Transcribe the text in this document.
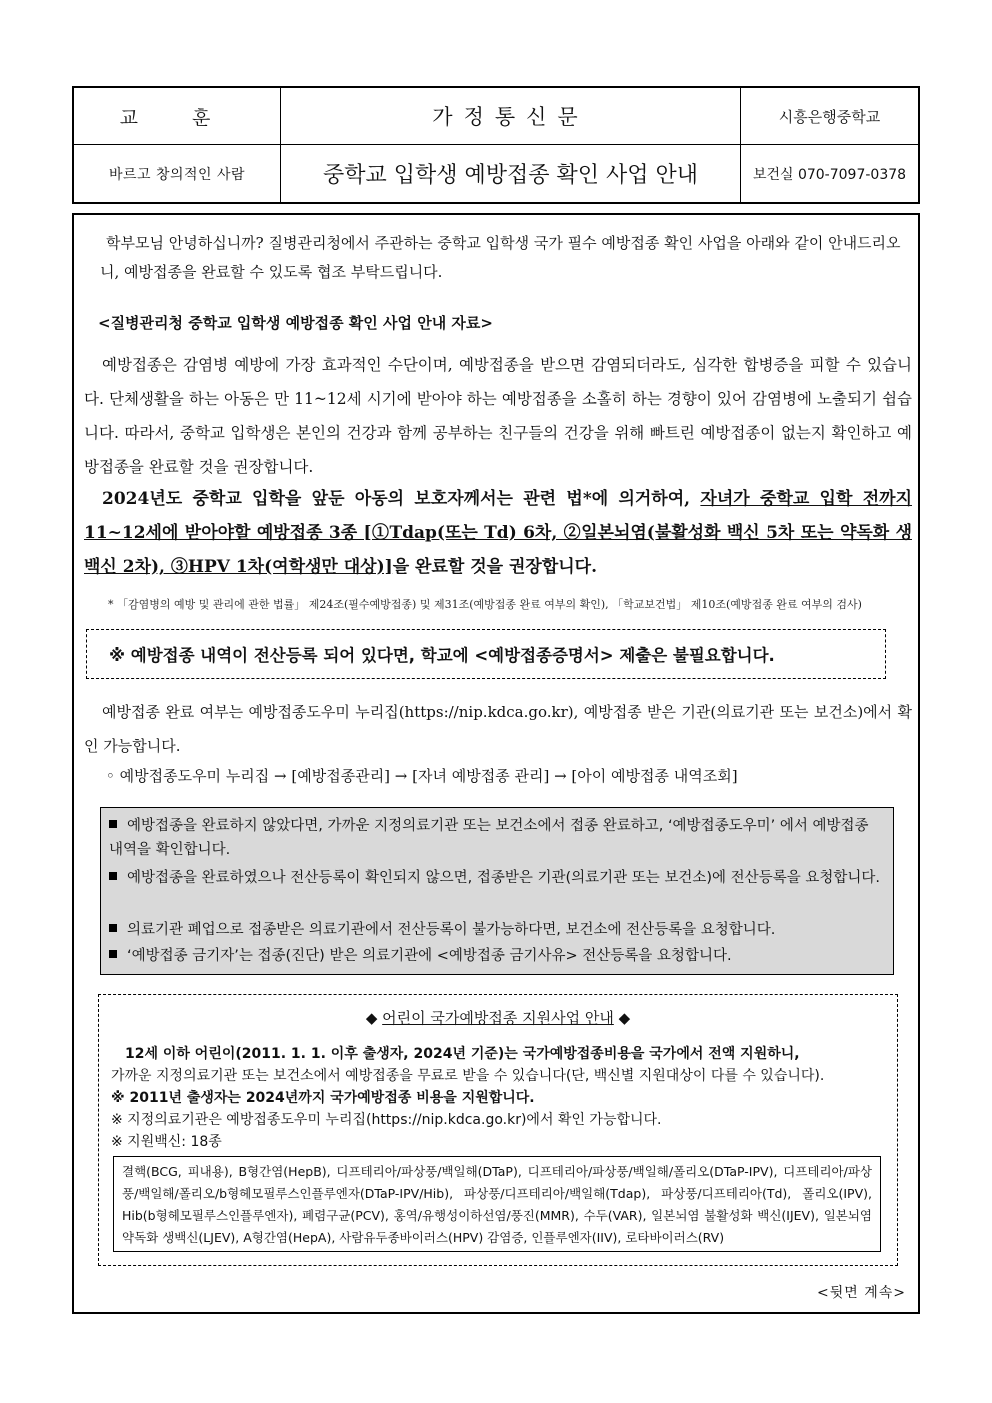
교 훈	가정통신문	시흥은행중학교
바르고 창의적인 사람	중학교 입학생 예방접종 확인 사업 안내	보건실 070-7097-0378

학부모님 안녕하십니까? 질병관리청에서 주관하는 중학교 입학생 국가 필수 예방접종 확인 사업을 아래와 같이 안내드리오니, 예방접종을 완료할 수 있도록 협조 부탁드립니다.

<질병관리청 중학교 입학생 예방접종 확인 사업 안내 자료>

예방접종은 감염병 예방에 가장 효과적인 수단이며, 예방접종을 받으면 감염되더라도, 심각한 합병증을 피할 수 있습니다. 단체생활을 하는 아동은 만 11~12세 시기에 받아야 하는 예방접종을 소홀히 하는 경향이 있어 감염병에 노출되기 쉽습니다. 따라서, 중학교 입학생은 본인의 건강과 함께 공부하는 친구들의 건강을 위해 빠트린 예방접종이 없는지 확인하고 예방접종을 완료할 것을 권장합니다.

2024년도 중학교 입학을 앞둔 아동의 보호자께서는 관련 법*에 의거하여, 자녀가 중학교 입학 전까지 11~12세에 받아야할 예방접종 3종 [①Tdap(또는 Td) 6차, ②일본뇌염(불활성화 백신 5차 또는 약독화 생백신 2차), ③HPV 1차(여학생만 대상)]을 완료할 것을 권장합니다.

* 「감염병의 예방 및 관리에 관한 법률」 제24조(필수예방접종) 및 제31조(예방접종 완료 여부의 확인), 「학교보건법」 제10조(예방접종 완료 여부의 검사)

※ 예방접종 내역이 전산등록 되어 있다면, 학교에 <예방접종증명서> 제출은 불필요합니다.

예방접종 완료 여부는 예방접종도우미 누리집(https://nip.kdca.go.kr), 예방접종 받은 기관(의료기관 또는 보건소)에서 확인 가능합니다.

◦ 예방접종도우미 누리집 → [예방접종관리] → [자녀 예방접종 관리] → [아이 예방접종 내역조회]

예방접종을 완료하지 않았다면, 가까운 지정의료기관 또는 보건소에서 접종 완료하고, ‘예방접종도우미’ 에서 예방접종 내역을 확인합니다.
예방접종을 완료하였으나 전산등록이 확인되지 않으면, 접종받은 기관(의료기관 또는 보건소)에 전산등록을 요청합니다.
의료기관 폐업으로 접종받은 의료기관에서 전산등록이 불가능하다면, 보건소에 전산등록을 요청합니다.
‘예방접종 금기자’는 접종(진단) 받은 의료기관에 <예방접종 금기사유> 전산등록을 요청합니다.
◆ 어린이 국가예방접종 지원사업 안내 ◆
12세 이하 어린이(2011. 1. 1. 이후 출생자, 2024년 기준)는 국가예방접종비용을 국가에서 전액 지원하니,
가까운 지정의료기관 또는 보건소에서 예방접종을 무료로 받을 수 있습니다(단, 백신별 지원대상이 다를 수 있습니다).
※ 2011년 출생자는 2024년까지 국가예방접종 비용을 지원합니다.
※ 지정의료기관은 예방접종도우미 누리집(https://nip.kdca.go.kr)에서 확인 가능합니다.
※ 지원백신: 18종
결핵(BCG, 피내용), B형간염(HepB), 디프테리아/파상풍/백일해(DTaP), 디프테리아/파상풍/백일해/폴리오(DTaP-IPV), 디프테리아/파상풍/백일해/폴리오/b형헤모필루스인플루엔자(DTaP-IPV/Hib), 파상풍/디프테리아/백일해(Tdap), 파상풍/디프테리아(Td), 폴리오(IPV), Hib(b형헤모필루스인플루엔자), 폐렴구균(PCV), 홍역/유행성이하선염/풍진(MMR), 수두(VAR), 일본뇌염 불활성화 백신(IJEV), 일본뇌염 약독화 생백신(LJEV), A형간염(HepA), 사람유두종바이러스(HPV) 감염증, 인플루엔자(IIV), 로타바이러스(RV)
<뒷면 계속>
